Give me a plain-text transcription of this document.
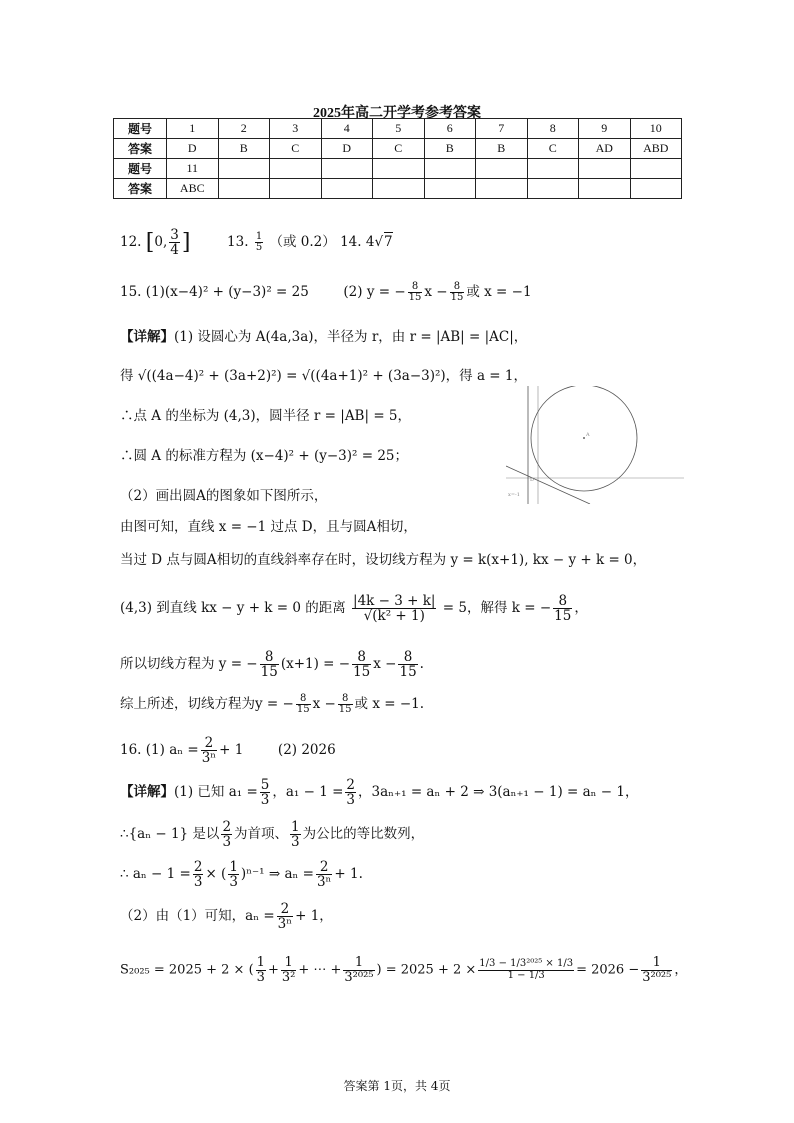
2025年高二开学考参考答案
题号	1	2	3	4	5	6	7	8	9	10
答案	D	B	C	D	C	B	B	C	AD	ABD
题号	11									
答案	ABC									
12. [0, $\frac{3}{4}$ ]	13. $\frac{1}{5}$ （或 0.2） 14. 4√7
15. (1)(x−4)² + (y−3)² = 25	(2) y = − $\frac{8}{15}$ $x - \frac{8}{15}$ 或 x = −1
【详解】(1) 设圆心为 A(4a,3a)，半径为 r，由 r = |AB| = |AC|，
得 √((4a−4)² + (3a+2)²) = √((4a+1)² + (3a−3)²)，得 a = 1，
∴点 A 的坐标为 (4,3)，圆半径 r = |AB| = 5，
∴圆 A 的标准方程为 (x−4)² + (y−3)² = 25；
（2）画出圆A的图象如下图所示，
由图可知，直线 x = −1 过点 D，且与圆A相切，
当过 D 点与圆A相切的直线斜率存在时，设切线方程为 y = k(x+1), kx − y + k = 0，
(4,3) 到直线 kx − y + k = 0 的距离 $\frac{|4k - 3 + k|}{\text{√(k² + 1)}} = 5$，解得 k = − $\frac{8}{15}$ ，
所以切线方程为 y = − $\frac{8}{15} (x+1)$ = − $\frac{8}{15}$ $x - \frac{8}{15}$ .
综上所述，切线方程为y = − $\frac{8}{15}$ $x - \frac{8}{15}$ 或 x = −1.
A
D
x=-1
16. (1) $a_n = \frac{2}{\text{3ⁿ}} + 1$	(2) 2026
【详解】(1) 已知 $a_1 = \frac{5}{3}$ ，$a_1 - 1 = \frac{2}{3}$ ，3aₙ₊₁ = aₙ + 2 ⇒ 3(aₙ₊₁ − 1) = aₙ − 1，
∴{aₙ − 1} 是以 $\frac{2}{3}$ 为首项、 $\frac{1}{3}$ 为公比的等比数列，
∴ $a_n - 1 = \frac{2}{3}$ × ( $\frac{1}{3} )^{n-1}$ ⇒ $a_n = \frac{2}{\text{3ⁿ}} + 1$.
（2）由（1）可知，$a_n = \frac{2}{\text{3ⁿ}} + 1$，
S₂₀₂₅ = 2025 + 2 × ( $\frac{1}{3} + \frac{1}{\text{3²}}$ + ⋯ + $\frac{1}{\text{3²⁰²⁵}}$ ) = $2025 + 2 \times \frac{\text{1/3 − 1/3²⁰²⁵ × 1/3}}{1 - 1/3} = 2026 - \frac{1}{\text{3²⁰²⁵}}$ ，
答案第 1页，共 4页
